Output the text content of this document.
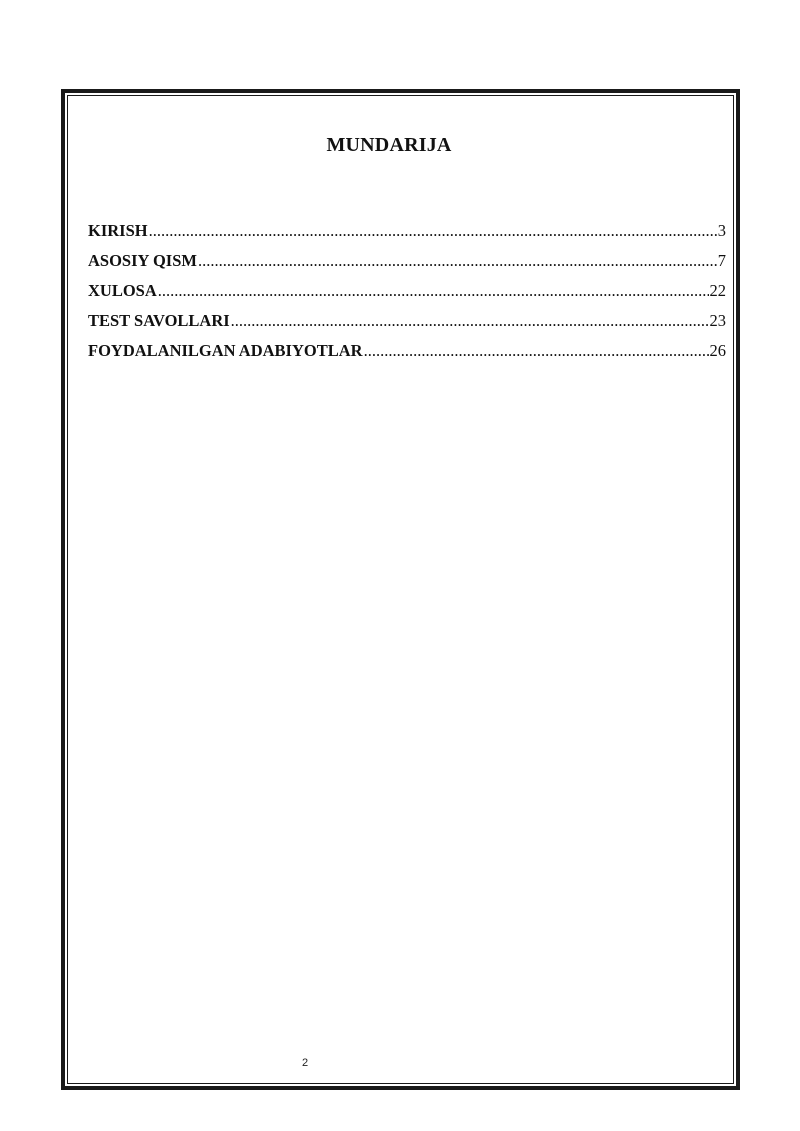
MUNDARIJA
KIRISH .....	3
ASOSIY QISM .....	7
XULOSA .....	22
TEST SAVOLLARI .....	23
FOYDALANILGAN ADABIYOTLAR .....	26
2
